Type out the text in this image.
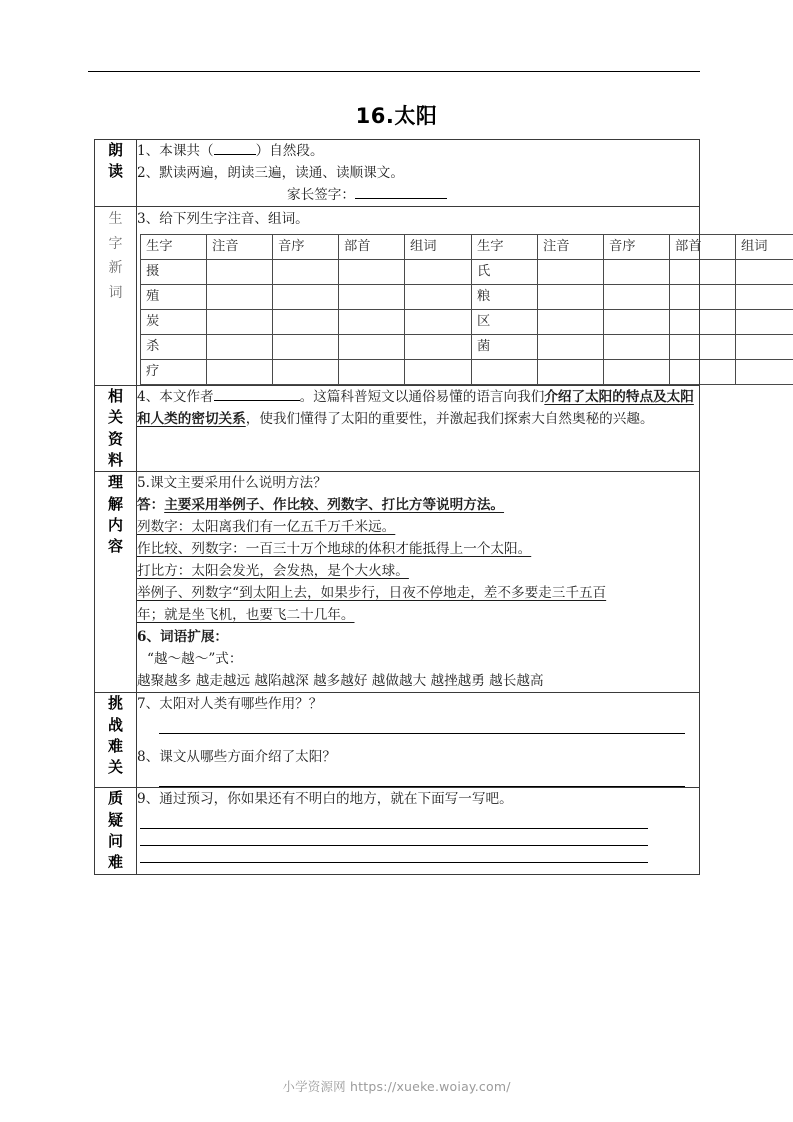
16.太阳
朗
读

1、本课共（	）自然段。
2、默读两遍，朗读三遍，读通、读顺课文。家长签字：

生
字
新
词

3、给下列生字注音、组词。
生字	注音	音序	部首	组词	生字	注音	音序	部首	组词
摄					氏				
殖					粮				
炭					区				
杀					菌				
疗									

相
关
资
料

4、本文作者	。这篇科普短文以通俗易懂的语言向我们介绍了太阳的特点及太阳和人类的密切关系，使我们懂得了太阳的重要性，并激起我们探索大自然奥秘的兴趣。

理
解
内
容

5.课文主要采用什么说明方法？
答：主要采用举例子、作比较、列数字、打比方等说明方法。
列数字：太阳离我们有一亿五千万千米远。
作比较、列数字：一百三十万个地球的体积才能抵得上一个太阳。
打比方：太阳会发光，会发热，是个大火球。
举例子、列数字“到太阳上去，如果步行，日夜不停地走，差不多要走三千五百
年；就是坐飞机，也要飞二十几年。
6、词语扩展：
“越～越～”式：
越聚越多 越走越远 越陷越深 越多越好 越做越大 越挫越勇 越长越高

挑
战
难
关

7、太阳对人类有哪些作用？？
8、课文从哪些方面介绍了太阳？

质
疑
问
难

9、通过预习，你如果还有不明白的地方，就在下面写一写吧。
小学资源网 https://xueke.woiay.com/
